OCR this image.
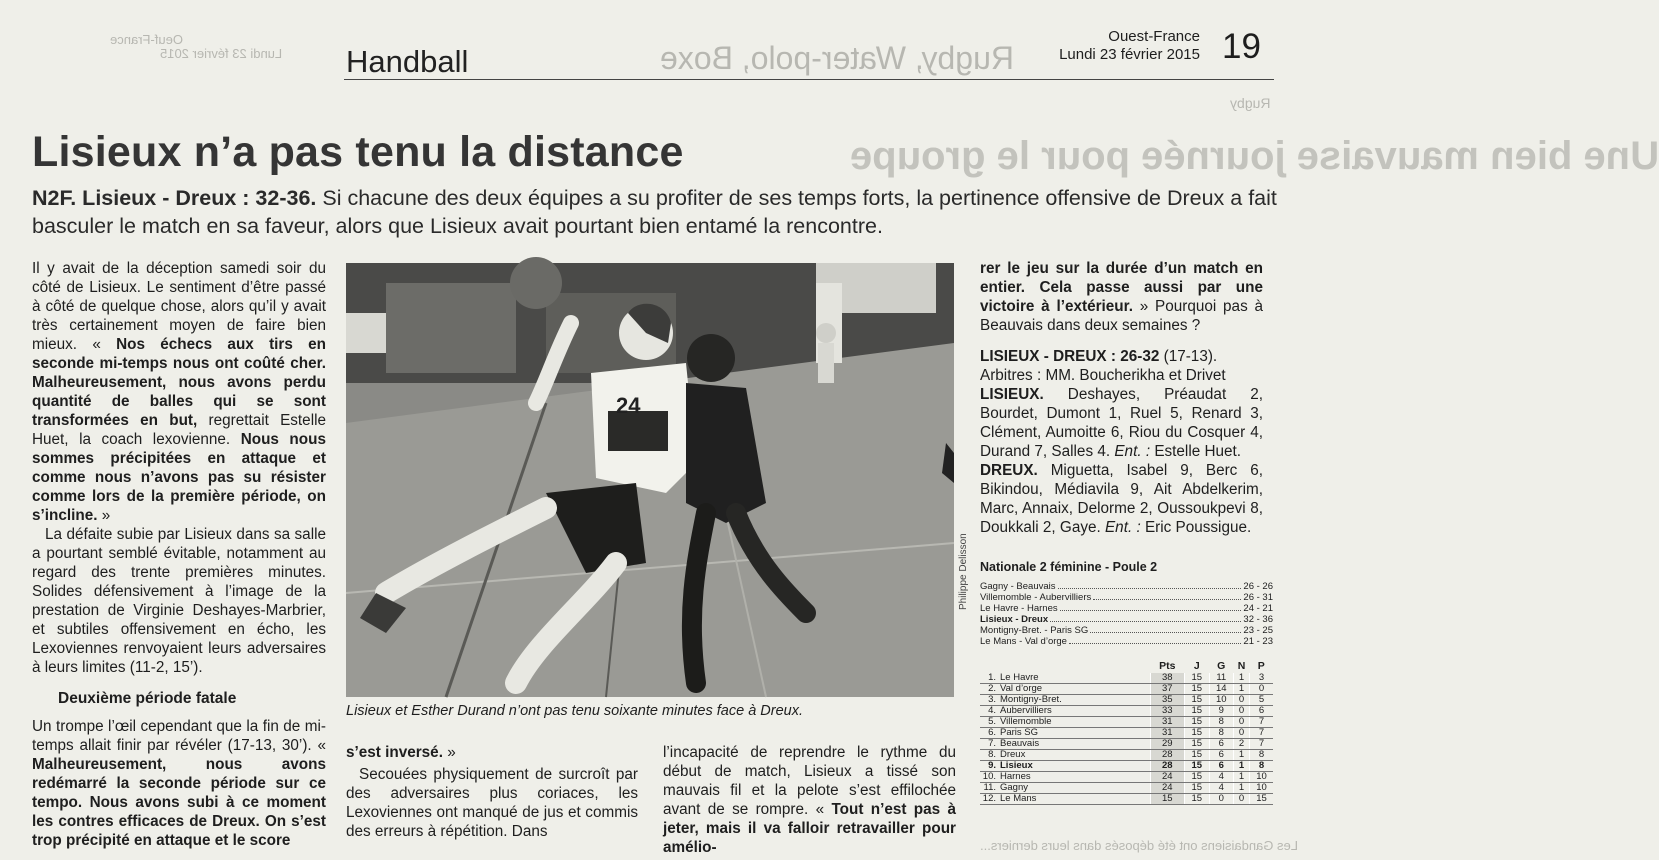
Oeuf-France
Lundi 23 février 2015	Rugby, Water-polo, Boxe
Rugby
Une bien mauvaise journée pour le groupe
Les Gandaisiens ont été déposés dans leurs derniers...
Handball
Ouest-France
Lundi 23 février 2015 19
Lisieux n’a pas tenu la distance
N2F. Lisieux - Dreux : 32-36. Si chacune des deux équipes a su profiter de ses temps forts, la pertinence offensive de Dreux a fait basculer le match en sa faveur, alors que Lisieux avait pourtant bien entamé la rencontre.

Il y avait de la déception samedi soir du côté de Lisieux. Le sentiment d’être passé à côté de quelque chose, alors qu’il y avait très certainement moyen de faire bien mieux. « Nos échecs aux tirs en seconde mi-temps nous ont coûté cher. Malheureusement, nous avons perdu quantité de balles qui se sont transformées en but, regrettait Estelle Huet, la coach lexovienne. Nous nous sommes précipitées en attaque et comme nous n’avons pas su résister comme lors de la première période, on s’incline. »

La défaite subie par Lisieux dans sa salle a pourtant semblé évitable, notamment au regard des trente premières minutes. Solides défensivement à l’image de la prestation de Virginie Deshayes-Marbrier, et subtiles offensivement en écho, les Lexoviennes renvoyaient leurs adversaires à leurs limites (11-2, 15’).

Deuxième période fatale

Un trompe l’œil cependant que la fin de mi-temps allait finir par révéler (17-13, 30’). « Malheureusement, nous avons redémarré la seconde période sur ce tempo. Nous avons subi à ce moment les contres efficaces de Dreux. On s’est trop précipité en attaque et le score

24
Philippe Delisson
Lisieux et Esther Durand n’ont pas tenu soixante minutes face à Dreux.

s’est inversé. »

Secouées physiquement de surcroît par des adversaires plus coriaces, les Lexoviennes ont manqué de jus et commis des erreurs à répétition. Dans

l’incapacité de reprendre le rythme du début de match, Lisieux a tissé son mauvais fil et la pelote s’est effilochée avant de se rompre. « Tout n’est pas à jeter, mais il va falloir retravailler pour amélio-

rer le jeu sur la durée d’un match en entier. Cela passe aussi par une victoire à l’extérieur. » Pourquoi pas à Beauvais dans deux semaines ?

LISIEUX - DREUX : 26-32 (17-13).

Arbitres : MM. Boucherikha et Drivet

LISIEUX. Deshayes, Préaudat 2, Bourdet, Dumont 1, Ruel 5, Renard 3, Clément, Aumoitte 6, Riou du Cosquer 4, Durand 7, Salles 4. Ent. : Estelle Huet.

DREUX. Miguetta, Isabel 9, Berc 6, Bikindou, Médiavila 9, Ait Abdelkerim, Marc, Annaix, Delorme 2, Oussoukpevi 8, Doukkali 2, Gaye. Ent. : Eric Poussigue.

Nationale 2 féminine - Poule 2
Gagny - Beauvais	26 - 26
Villemomble - Aubervilliers	26 - 31
Le Havre - Harnes	24 - 21
Lisieux - Dreux	32 - 36
Montigny-Bret. - Paris SG	23 - 25
Le Mans - Val d’orge	21 - 23
	Pts	J	G	N	P
1. Le Havre	38	15	11	1	3
2. Val d’orge	37	15	14	1	0
3. Montigny-Bret.	35	15	10	0	5
4. Aubervilliers	33	15	9	0	6
5. Villemomble	31	15	8	0	7
6. Paris SG	31	15	8	0	7
7. Beauvais	29	15	6	2	7
8. Dreux	28	15	6	1	8
9. Lisieux	28	15	6	1	8
10. Harnes	24	15	4	1	10
11. Gagny	24	15	4	1	10
12. Le Mans	15	15	0	0	15
